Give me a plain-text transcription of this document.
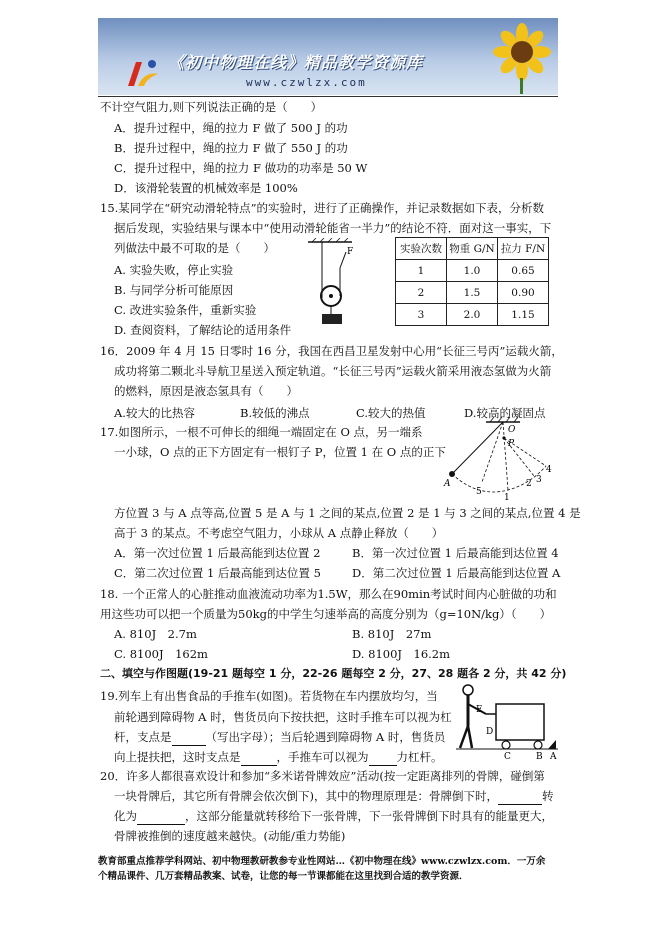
《初中物理在线》精品教学资源库
www.czwlzx.com
不计空气阻力,则下列说法正确的是（　　）
A．提升过程中，绳的拉力 F 做了 500 J 的功
B．提升过程中，绳的拉力 F 做了 550 J 的功
C．提升过程中，绳的拉力 F 做功的功率是 50 W
D．该滑轮装置的机械效率是 100%
15.某同学在“研究动滑轮特点”的实验时，进行了正确操作，并记录数据如下表，分析数
据后发现，实验结果与课本中“使用动滑轮能省一半力”的结论不符．面对这一事实，下
列做法中最不可取的是（　　）
A. 实验失败，停止实验
B. 与同学分析可能原因
C. 改进实验条件，重新实验
D. 查阅资料，了解结论的适用条件
F	实验次数	物重 G/N	拉力 F/N
1	1.0	0.65
2	1.5	0.90
3	2.0	1.15
16．2009 年 4 月 15 日零时 16 分，我国在西昌卫星发射中心用“长征三号丙”运载火箭，
成功将第二颗北斗导航卫星送入预定轨道。“长征三号丙”运载火箭采用液态氢做为火箭
的燃料，原因是液态氢具有（　　）
A.较大的比热容	B.较低的沸点	C.较大的热值	D.较高的凝固点
17.如图所示，一根不可伸长的细绳一端固定在 O 点，另一端系
一小球，O 点的正下方固定有一根钉子 P，位置 1 在 O 点的正下
O
P
A
1
2 3
4
5
方位置 3 与 A 点等高,位置 5 是 A 与 1 之间的某点,位置 2 是 1 与 3 之间的某点,位置 4 是
高于 3 的某点。不考虑空气阻力，小球从 A 点静止释放（　　）
A．第一次过位置 1 后最高能到达位置 2	B．第一次过位置 1 后最高能到达位置 4
C．第二次过位置 1 后最高能到达位置 5	D．第二次过位置 1 后最高能到达位置 A
18. 一个正常人的心脏推动血液流动功率为1.5W，那么在90min考试时间内心脏做的功和
用这些功可以把一个质量为50kg的中学生匀速举高的高度分别为（g=10N/kg）（　　）
A. 810J　2.7m	B. 810J　27m
C. 8100J　162m	D. 8100J　16.2m
二、填空与作图题(19-21 题每空 1 分，22-26 题每空 2 分，27、28 题各 2 分，共 42 分)
19.列车上有出售食品的手推车(如图)。若货物在车内摆放均匀，当
前轮遇到障碍物 A 时，售货员向下按扶把，这时手推车可以视为杠
杆，支点是	（写出字母）；当后轮遇到障碍物 A 时，售货员
向上提扶把，这时支点是	，手推车可以视为 力杠杆。
E
D
C	B A
20．许多人都很喜欢设计和参加“多米诺骨牌效应”活动(按一定距离排列的骨牌，碰倒第
一块骨牌后，其它所有骨牌会依次倒下)，其中的物理原理是：骨牌倒下时，	转
化为	，这部分能量就转移给下一张骨牌，下一张骨牌倒下时具有的能量更大，
骨牌被推倒的速度越来越快。(动能/重力势能)
教育部重点推荐学科网站、初中物理教研教参专业性网站…《初中物理在线》www.czwlzx.com．一万余
个精品课件、几万套精品教案、试卷，让您的每一节课都能在这里找到合适的教学资源．
